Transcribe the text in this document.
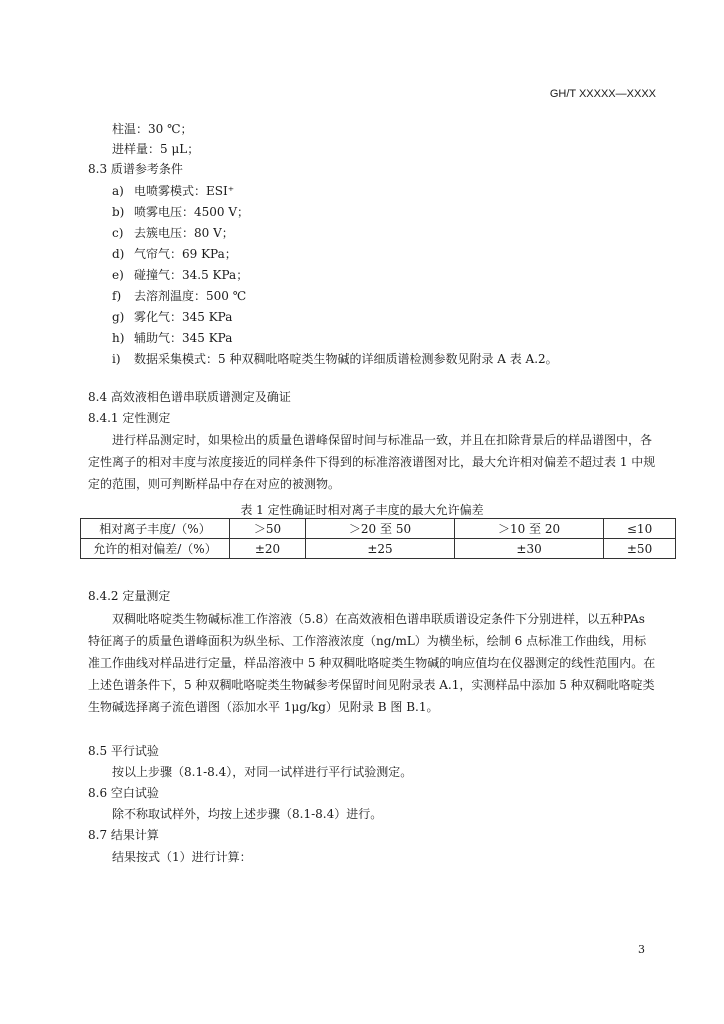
GH/T XXXXX—XXXX
柱温：30 ℃；
进样量：5 μL；
8.3 质谱参考条件
a) 电喷雾模式：ESI⁺
b) 喷雾电压：4500 V；
c) 去簇电压：80 V；
d) 气帘气：69 KPa；
e) 碰撞气：34.5 KPa；
f) 去溶剂温度：500 ℃
g) 雾化气：345 KPa
h) 辅助气：345 KPa
i) 数据采集模式：5 种双稠吡咯啶类生物碱的详细质谱检测参数见附录 A 表 A.2。
8.4 高效液相色谱串联质谱测定及确证
8.4.1 定性测定
进行样品测定时，如果检出的质量色谱峰保留时间与标准品一致，并且在扣除背景后的样品谱图中，各定性离子的相对丰度与浓度接近的同样条件下得到的标准溶液谱图对比，最大允许相对偏差不超过表 1 中规定的范围，则可判断样品中存在对应的被测物。
表 1 定性确证时相对离子丰度的最大允许偏差
相对离子丰度/（%）	＞50	＞20 至 50	＞10 至 20	≤10
允许的相对偏差/（%）	±20	±25	±30	±50
8.4.2 定量测定
双稠吡咯啶类生物碱标准工作溶液（5.8）在高效液相色谱串联质谱设定条件下分别进样，以五种PAs特征离子的质量色谱峰面积为纵坐标、工作溶液浓度（ng/mL）为横坐标，绘制 6 点标准工作曲线，用标准工作曲线对样品进行定量，样品溶液中 5 种双稠吡咯啶类生物碱的响应值均在仪器测定的线性范围内。在上述色谱条件下，5 种双稠吡咯啶类生物碱参考保留时间见附录表 A.1，实测样品中添加 5 种双稠吡咯啶类生物碱选择离子流色谱图（添加水平 1μg/kg）见附录 B 图 B.1。
8.5 平行试验
按以上步骤（8.1-8.4），对同一试样进行平行试验测定。
8.6 空白试验
除不称取试样外，均按上述步骤（8.1-8.4）进行。
8.7 结果计算
结果按式（1）进行计算：
3
